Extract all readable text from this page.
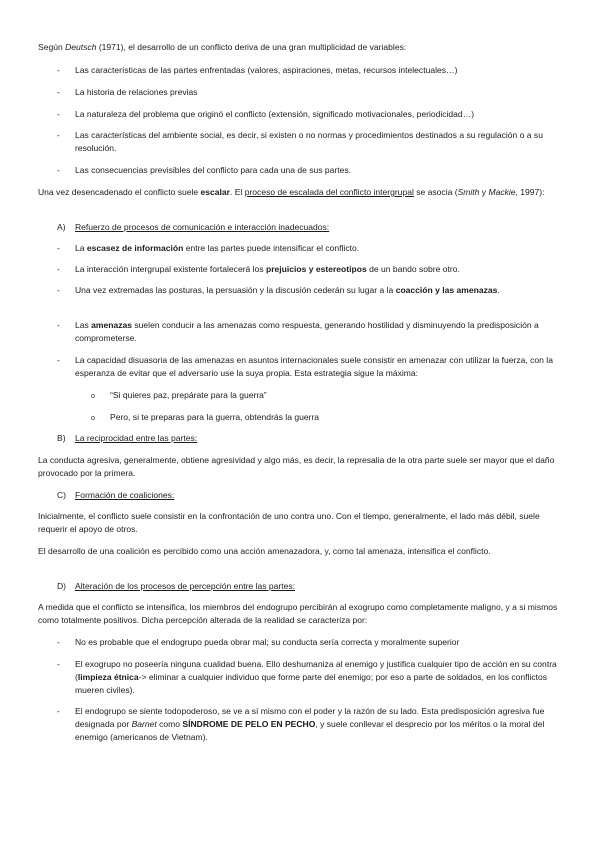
Según Deutsch (1971), el desarrollo de un conflicto deriva de una gran multiplicidad de variables:

-	Las características de las partes enfrentadas (valores, aspiraciones, metas, recursos intelectuales…)

-	La historia de relaciones previas

-	La naturaleza del problema que originó el conflicto (extensión, significado motivacionales, periodicidad…)

-	Las características del ambiente social, es decir, si existen o no normas y procedimientos destinados a su regulación o a su resolución.

-	Las consecuencias previsibles del conflicto para cada una de sus partes.

Una vez desencadenado el conflicto suele escalar. El proceso de escalada del conflicto intergrupal se asocia (Smith y Mackie, 1997):

A)	Refuerzo de procesos de comunicación e interacción inadecuados:

-	La escasez de información entre las partes puede intensificar el conflicto.

-	La interacción intergrupal existente fortalecerá los prejuicios y estereotipos de un bando sobre otro.

-	Una vez extremadas las posturas, la persuasión y la discusión cederán su lugar a la coacción y las amenazas.

-	Las amenazas suelen conducir a las amenazas como respuesta, generando hostilidad y disminuyendo la predisposición a comprometerse.

-	La capacidad disuasoria de las amenazas en asuntos internacionales suele consistir en amenazar con utilizar la fuerza, con la esperanza de evitar que el adversario use la suya propia. Esta estrategia sigue la máxima:

o	“Si quieres paz, prepárate para la guerra”

o	Pero, si te preparas para la guerra, obtendrás la guerra

B)	La reciprocidad entre las partes:

La conducta agresiva, generalmente, obtiene agresividad y algo más, es decir, la represalia de la otra parte suele ser mayor que el daño provocado por la primera.

C)	Formación de coaliciones:

Inicialmente, el conflicto suele consistir en la confrontación de uno contra uno. Con el tiempo, generalmente, el lado más débil, suele requerir el apoyo de otros.

El desarrollo de una coalición es percibido como una acción amenazadora, y, como tal amenaza, intensifica el conflicto.

D)	Alteración de los procesos de percepción entre las partes:

A medida que el conflicto se intensifica, los miembros del endogrupo percibirán al exogrupo como completamente maligno, y a si mismos como totalmente positivos. Dicha percepción alterada de la realidad se caracteriza por:

-	No es probable que el endogrupo pueda obrar mal; su conducta sería correcta y moralmente superior

-	El exogrupo no poseería ninguna cualidad buena. Ello deshumaniza al enemigo y justifica cualquier tipo de acción en su contra (limpieza étnica-> eliminar a cualquier individuo que forme parte del enemigo; por eso a parte de soldados, en los conflictos mueren civiles).

-	El endogrupo se siente todopoderoso, se ve a sí mismo con el poder y la razón de su lado. Esta predisposición agresiva fue designada por Barnet como SÍNDROME DE PELO EN PECHO, y suele conllevar el desprecio por los méritos o la moral del enemigo (americanos de Vietnam).
